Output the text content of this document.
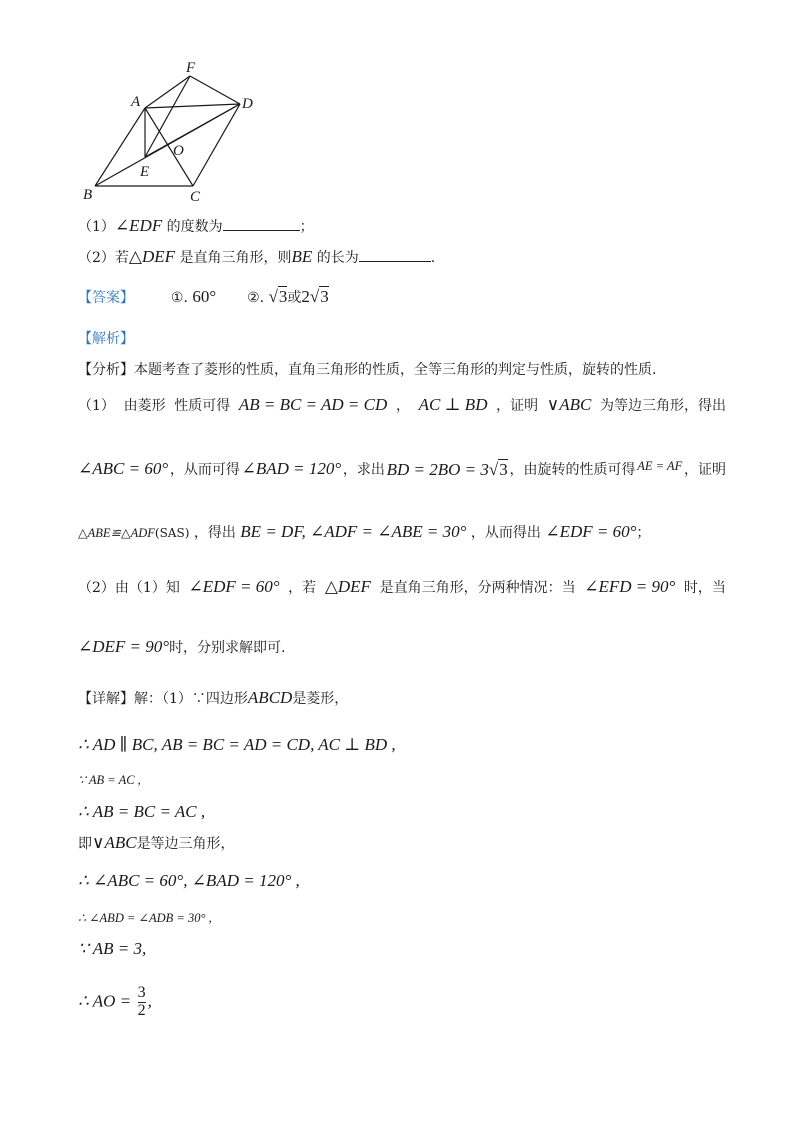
F
A	D
O
E
B	C
（1）∠EDF 的度数为	；
（2）若△DEF 是直角三角形，则BE 的长为	.
【答案】	①. 60° ②. √3或2√3
【解析】
【分析】本题考查了菱形的性质，直角三角形的性质，全等三角形的判定与性质，旋转的性质.
（1） 由菱形 性质可得 AB = BC = AD = CD ， AC ⊥ BD ，证明 ∨ABC 为等边三角形，得出
∠ABC = 60° ，从而可得 ∠BAD = 120° ，求出 BD = 2BO = 3√3 ，由旋转的性质可得 AE = AF ，证明
△ABE≌△ADF(SAS) ，得出 BE = DF, ∠ADF = ∠ABE = 30° ，从而得出 ∠EDF = 60°；
（2）由（1）知 ∠EDF = 60° ，若 △DEF 是直角三角形，分两种情况：当 ∠EFD = 90° 时，当
∠DEF = 90°时，分别求解即可.
【详解】解：（1）∵四边形ABCD是菱形，
∴ AD ∥ BC, AB = BC = AD = CD, AC ⊥ BD ,
∵ AB = AC ,
∴ AB = BC = AC ,
即∨ABC是等边三角形，
∴ ∠ABC = 60°, ∠BAD = 120° ,
∴ ∠ABD = ∠ADB = 30° ,
∵ AB = 3,
∴ AO = $\frac{3}{2}$ ,
